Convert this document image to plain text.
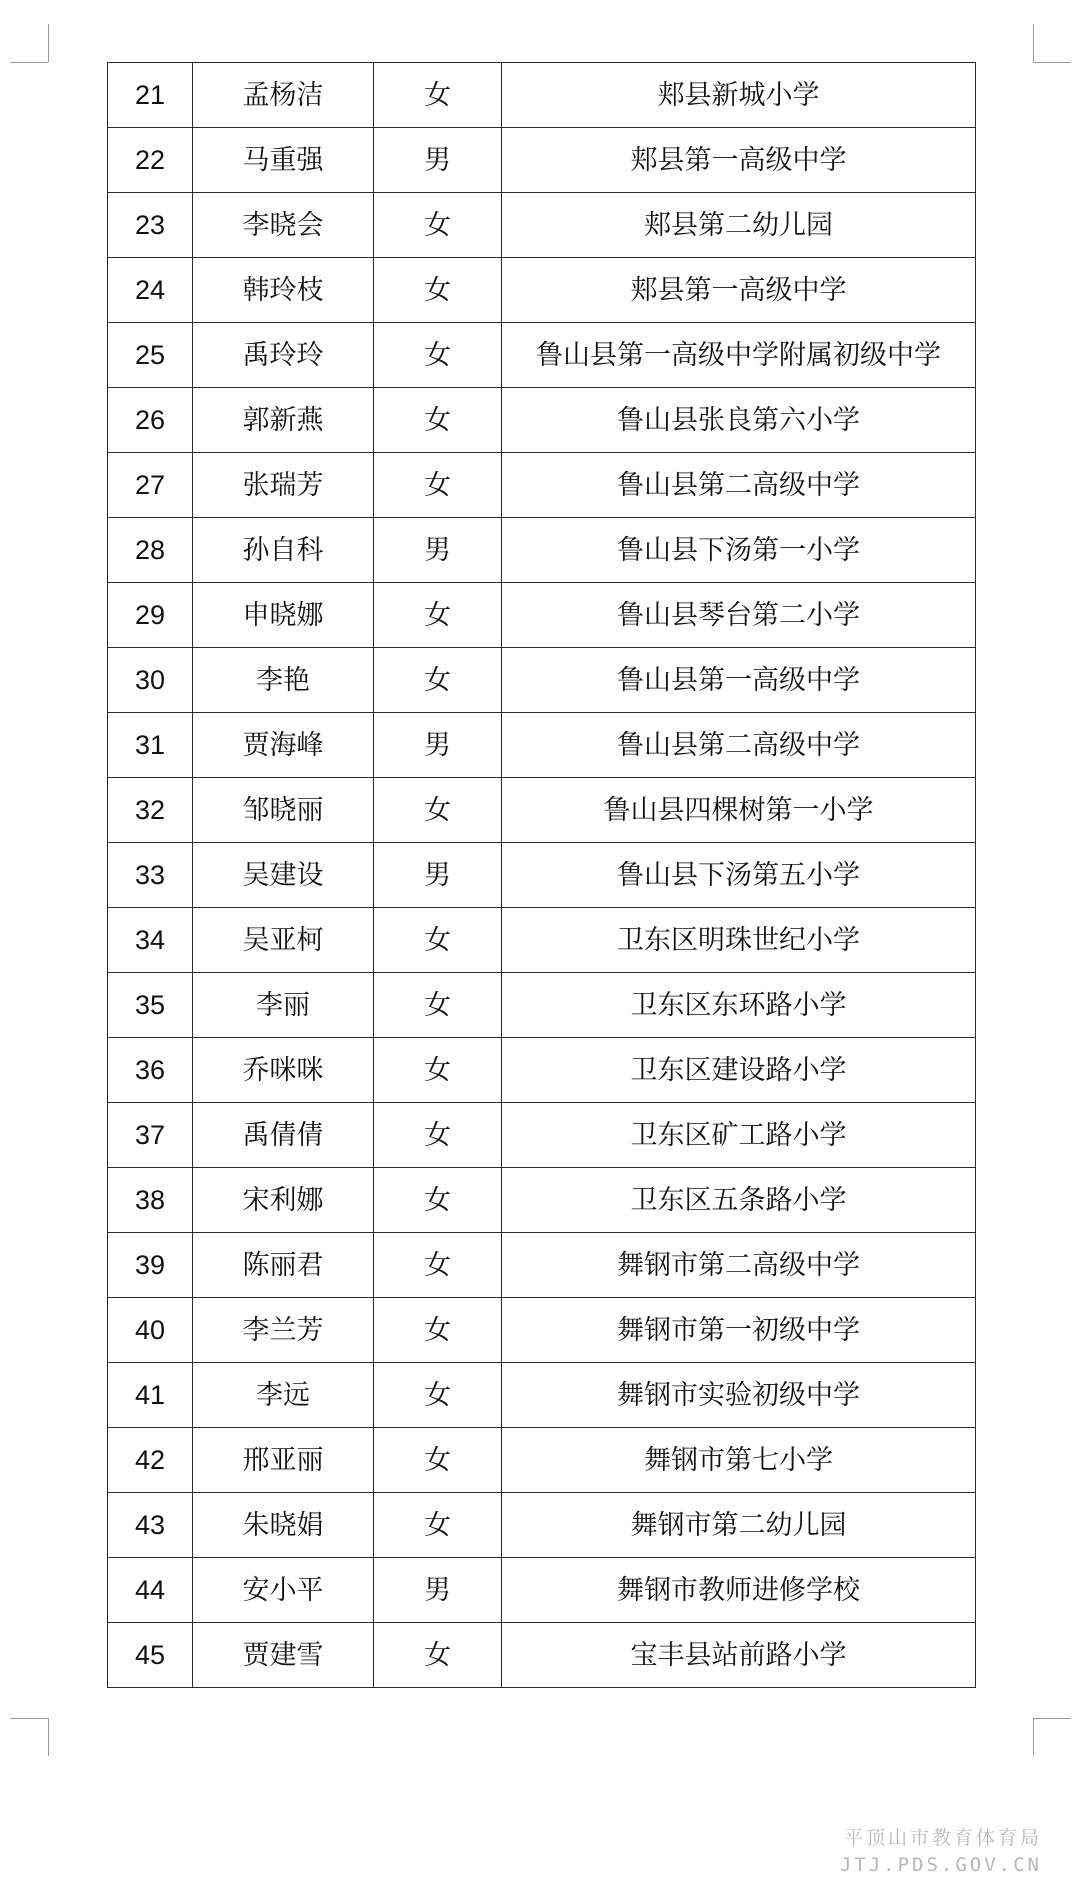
21	孟杨洁	女	郏县新城小学
22	马重强	男	郏县第一高级中学
23	李晓会	女	郏县第二幼儿园
24	韩玲枝	女	郏县第一高级中学
25	禹玲玲	女	鲁山县第一高级中学附属初级中学
26	郭新燕	女	鲁山县张良第六小学
27	张瑞芳	女	鲁山县第二高级中学
28	孙自科	男	鲁山县下汤第一小学
29	申晓娜	女	鲁山县琴台第二小学
30	李艳	女	鲁山县第一高级中学
31	贾海峰	男	鲁山县第二高级中学
32	邹晓丽	女	鲁山县四棵树第一小学
33	吴建设	男	鲁山县下汤第五小学
34	吴亚柯	女	卫东区明珠世纪小学
35	李丽	女	卫东区东环路小学
36	乔咪咪	女	卫东区建设路小学
37	禹倩倩	女	卫东区矿工路小学
38	宋利娜	女	卫东区五条路小学
39	陈丽君	女	舞钢市第二高级中学
40	李兰芳	女	舞钢市第一初级中学
41	李远	女	舞钢市实验初级中学
42	邢亚丽	女	舞钢市第七小学
43	朱晓娟	女	舞钢市第二幼儿园
44	安小平	男	舞钢市教师进修学校
45	贾建雪	女	宝丰县站前路小学
平顶山市教育体育局
JTJ.PDS.GOV.CN
